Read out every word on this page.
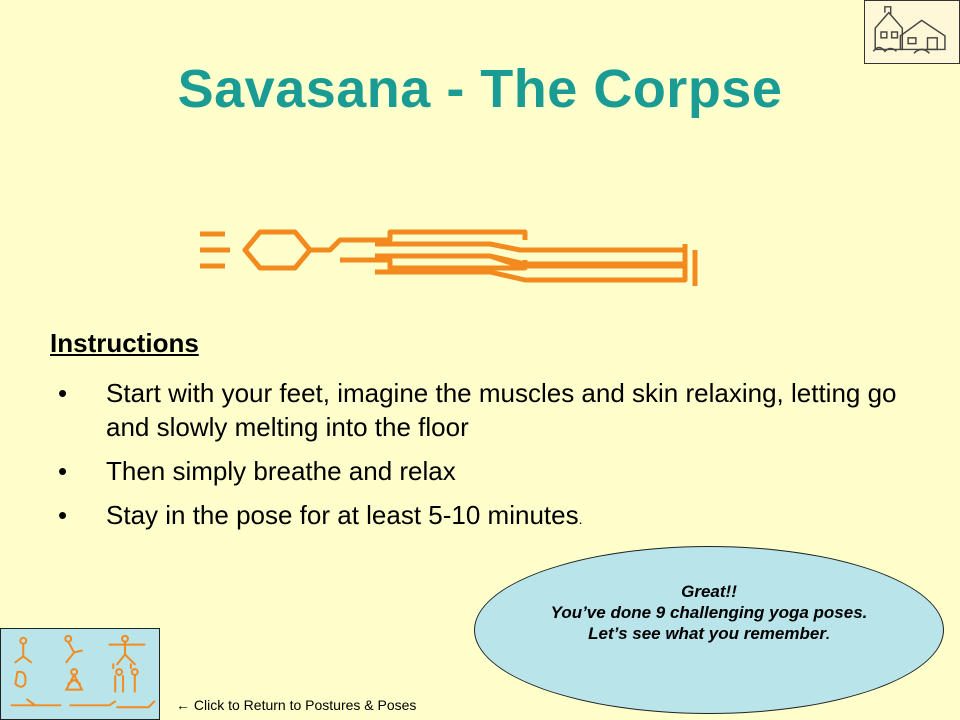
Savasana - The Corpse
Instructions
• Start with your feet, imagine the muscles and skin relaxing, letting go and slowly melting into the floor
• Then simply breathe and relax
• Stay in the pose for at least 5-10 minutes.
Great!!
You’ve done 9 challenging yoga poses.
Let’s see what you remember.
← Click to Return to Postures & Poses
